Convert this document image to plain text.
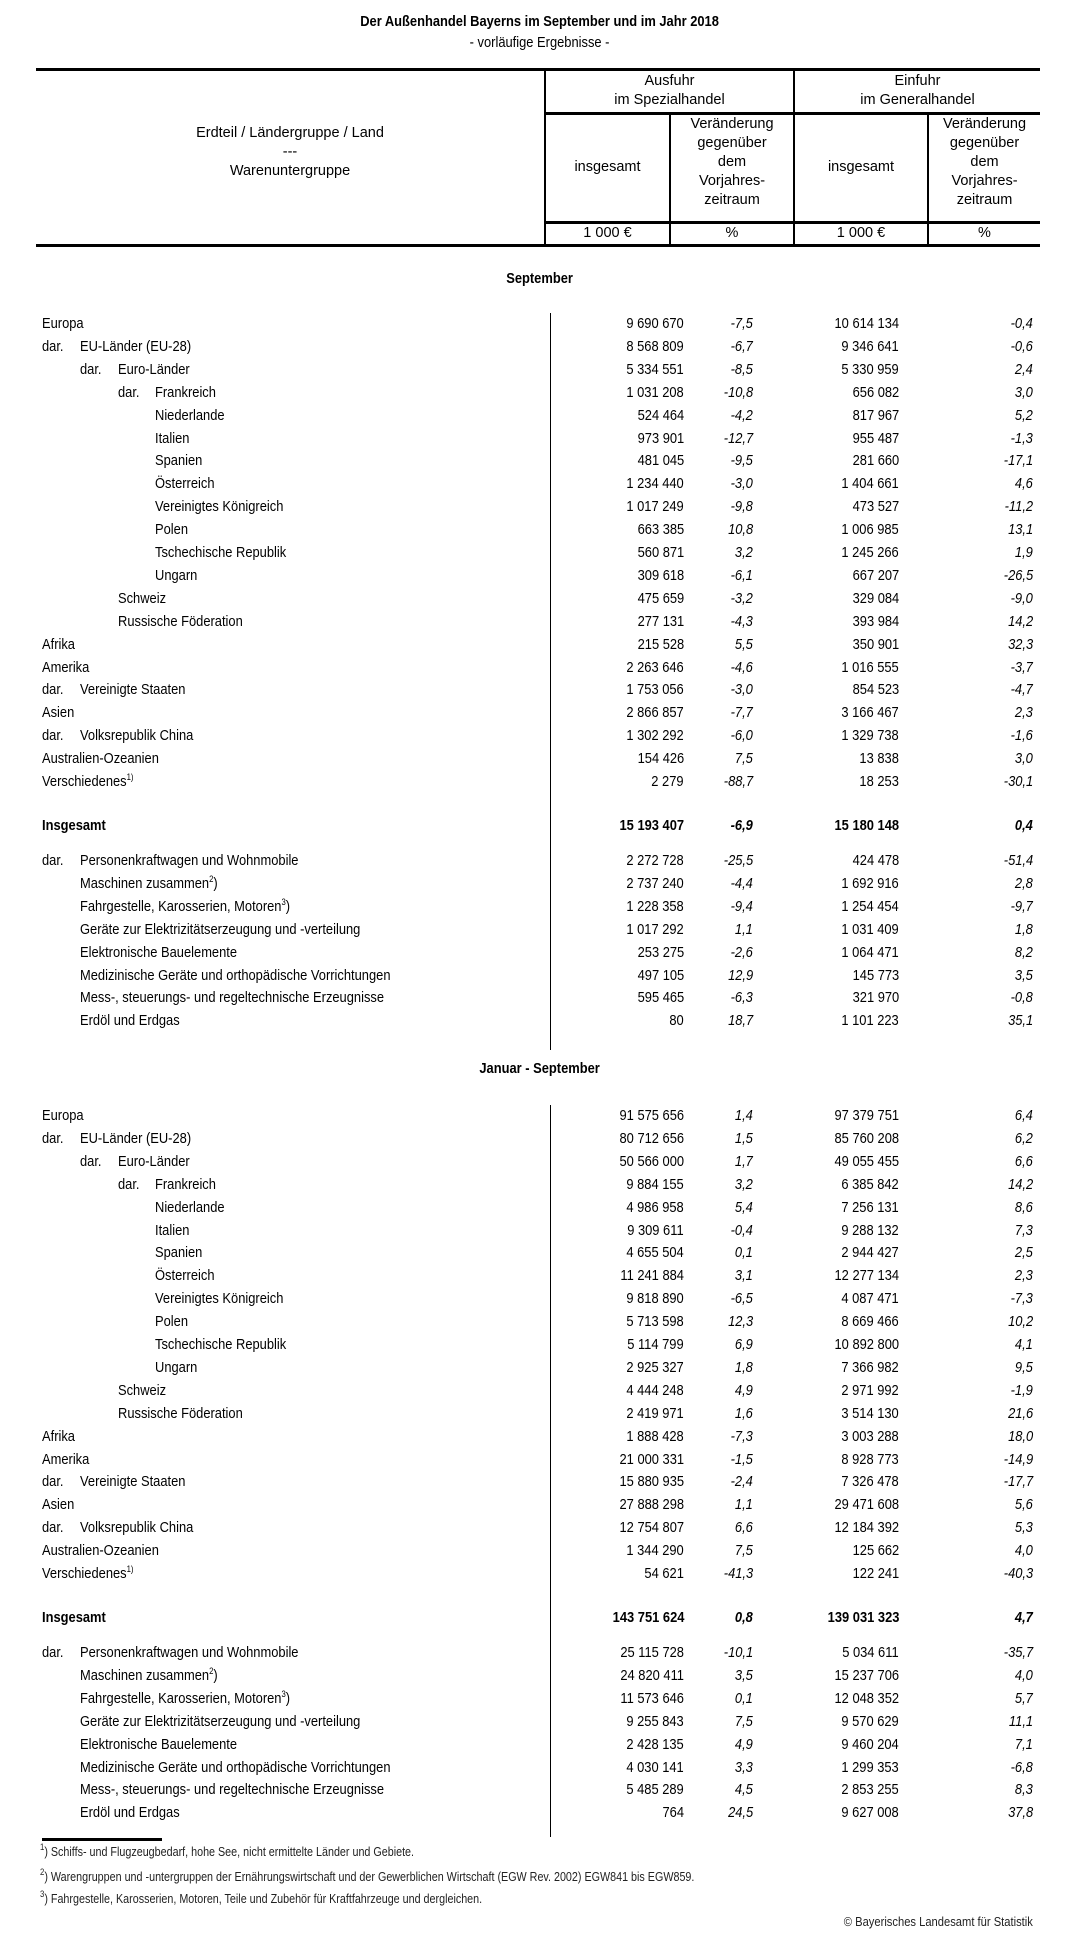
Der Außenhandel Bayerns im September und im Jahr 2018
- vorläufige Ergebnisse -
Erdteil / Ländergruppe / Land
---
Warenuntergruppe
Ausfuhr
im Spezialhandel
Einfuhr
im Generalhandel
insgesamt
Veränderung
gegenüber
dem
Vorjahres-
zeitraum
insgesamt
Veränderung
gegenüber
dem
Vorjahres-
zeitraum
1 000 €	%	1 000 €	%
September
Europa	9 690 670	-7,5	10 614 134	-0,4
dar. EU-Länder (EU-28)	8 568 809	-6,7	9 346 641	-0,6
dar. Euro-Länder	5 334 551	-8,5	5 330 959	2,4
dar. Frankreich	1 031 208	-10,8	656 082	3,0
Niederlande	524 464	-4,2	817 967	5,2
Italien	973 901	-12,7	955 487	-1,3
Spanien	481 045	-9,5	281 660	-17,1
Österreich	1 234 440	-3,0	1 404 661	4,6
Vereinigtes Königreich	1 017 249	-9,8	473 527	-11,2
Polen	663 385	10,8	1 006 985	13,1
Tschechische Republik	560 871	3,2	1 245 266	1,9
Ungarn	309 618	-6,1	667 207	-26,5
Schweiz	475 659	-3,2	329 084	-9,0
Russische Föderation	277 131	-4,3	393 984	14,2
Afrika	215 528	5,5	350 901	32,3
Amerika	2 263 646	-4,6	1 016 555	-3,7
dar. Vereinigte Staaten	1 753 056	-3,0	854 523	-4,7
Asien	2 866 857	-7,7	3 166 467	2,3
dar. Volksrepublik China	1 302 292	-6,0	1 329 738	-1,6
Australien-Ozeanien	154 426	7,5	13 838	3,0
Verschiedenes$^{1)}$	2 279	-88,7	18 253	-30,1
Insgesamt	15 193 407	-6,9	15 180 148	0,4
dar. Personenkraftwagen und Wohnmobile	2 272 728	-25,5	424 478	-51,4
Maschinen zusammen$^2$)	2 737 240	-4,4	1 692 916	2,8
Fahrgestelle, Karosserien, Motoren$^3$)	1 228 358	-9,4	1 254 454	-9,7
Geräte zur Elektrizitätserzeugung und -verteilung	1 017 292	1,1	1 031 409	1,8
Elektronische Bauelemente	253 275	-2,6	1 064 471	8,2
Medizinische Geräte und orthopädische Vorrichtungen	497 105	12,9	145 773	3,5
Mess-, steuerungs- und regeltechnische Erzeugnisse	595 465	-6,3	321 970	-0,8
Erdöl und Erdgas	80	18,7	1 101 223	35,1
Januar - September
Europa	91 575 656	1,4	97 379 751	6,4
dar. EU-Länder (EU-28)	80 712 656	1,5	85 760 208	6,2
dar. Euro-Länder	50 566 000	1,7	49 055 455	6,6
dar. Frankreich	9 884 155	3,2	6 385 842	14,2
Niederlande	4 986 958	5,4	7 256 131	8,6
Italien	9 309 611	-0,4	9 288 132	7,3
Spanien	4 655 504	0,1	2 944 427	2,5
Österreich	11 241 884	3,1	12 277 134	2,3
Vereinigtes Königreich	9 818 890	-6,5	4 087 471	-7,3
Polen	5 713 598	12,3	8 669 466	10,2
Tschechische Republik	5 114 799	6,9	10 892 800	4,1
Ungarn	2 925 327	1,8	7 366 982	9,5
Schweiz	4 444 248	4,9	2 971 992	-1,9
Russische Föderation	2 419 971	1,6	3 514 130	21,6
Afrika	1 888 428	-7,3	3 003 288	18,0
Amerika	21 000 331	-1,5	8 928 773	-14,9
dar. Vereinigte Staaten	15 880 935	-2,4	7 326 478	-17,7
Asien	27 888 298	1,1	29 471 608	5,6
dar. Volksrepublik China	12 754 807	6,6	12 184 392	5,3
Australien-Ozeanien	1 344 290	7,5	125 662	4,0
Verschiedenes$^{1)}$	54 621	-41,3	122 241	-40,3
Insgesamt	143 751 624	0,8	139 031 323	4,7
dar. Personenkraftwagen und Wohnmobile	25 115 728	-10,1	5 034 611	-35,7
Maschinen zusammen$^2$)	24 820 411	3,5	15 237 706	4,0
Fahrgestelle, Karosserien, Motoren$^3$)	11 573 646	0,1	12 048 352	5,7
Geräte zur Elektrizitätserzeugung und -verteilung	9 255 843	7,5	9 570 629	11,1
Elektronische Bauelemente	2 428 135	4,9	9 460 204	7,1
Medizinische Geräte und orthopädische Vorrichtungen	4 030 141	3,3	1 299 353	-6,8
Mess-, steuerungs- und regeltechnische Erzeugnisse	5 485 289	4,5	2 853 255	8,3
Erdöl und Erdgas	764	24,5	9 627 008	37,8
$^1$) Schiffs- und Flugzeugbedarf, hohe See, nicht ermittelte Länder und Gebiete.
$^2$) Warengruppen und -untergruppen der Ernährungswirtschaft und der Gewerblichen Wirtschaft (EGW Rev. 2002) EGW841 bis EGW859.
$^3$) Fahrgestelle, Karosserien, Motoren, Teile und Zubehör für Kraftfahrzeuge und dergleichen.
© Bayerisches Landesamt für Statistik
